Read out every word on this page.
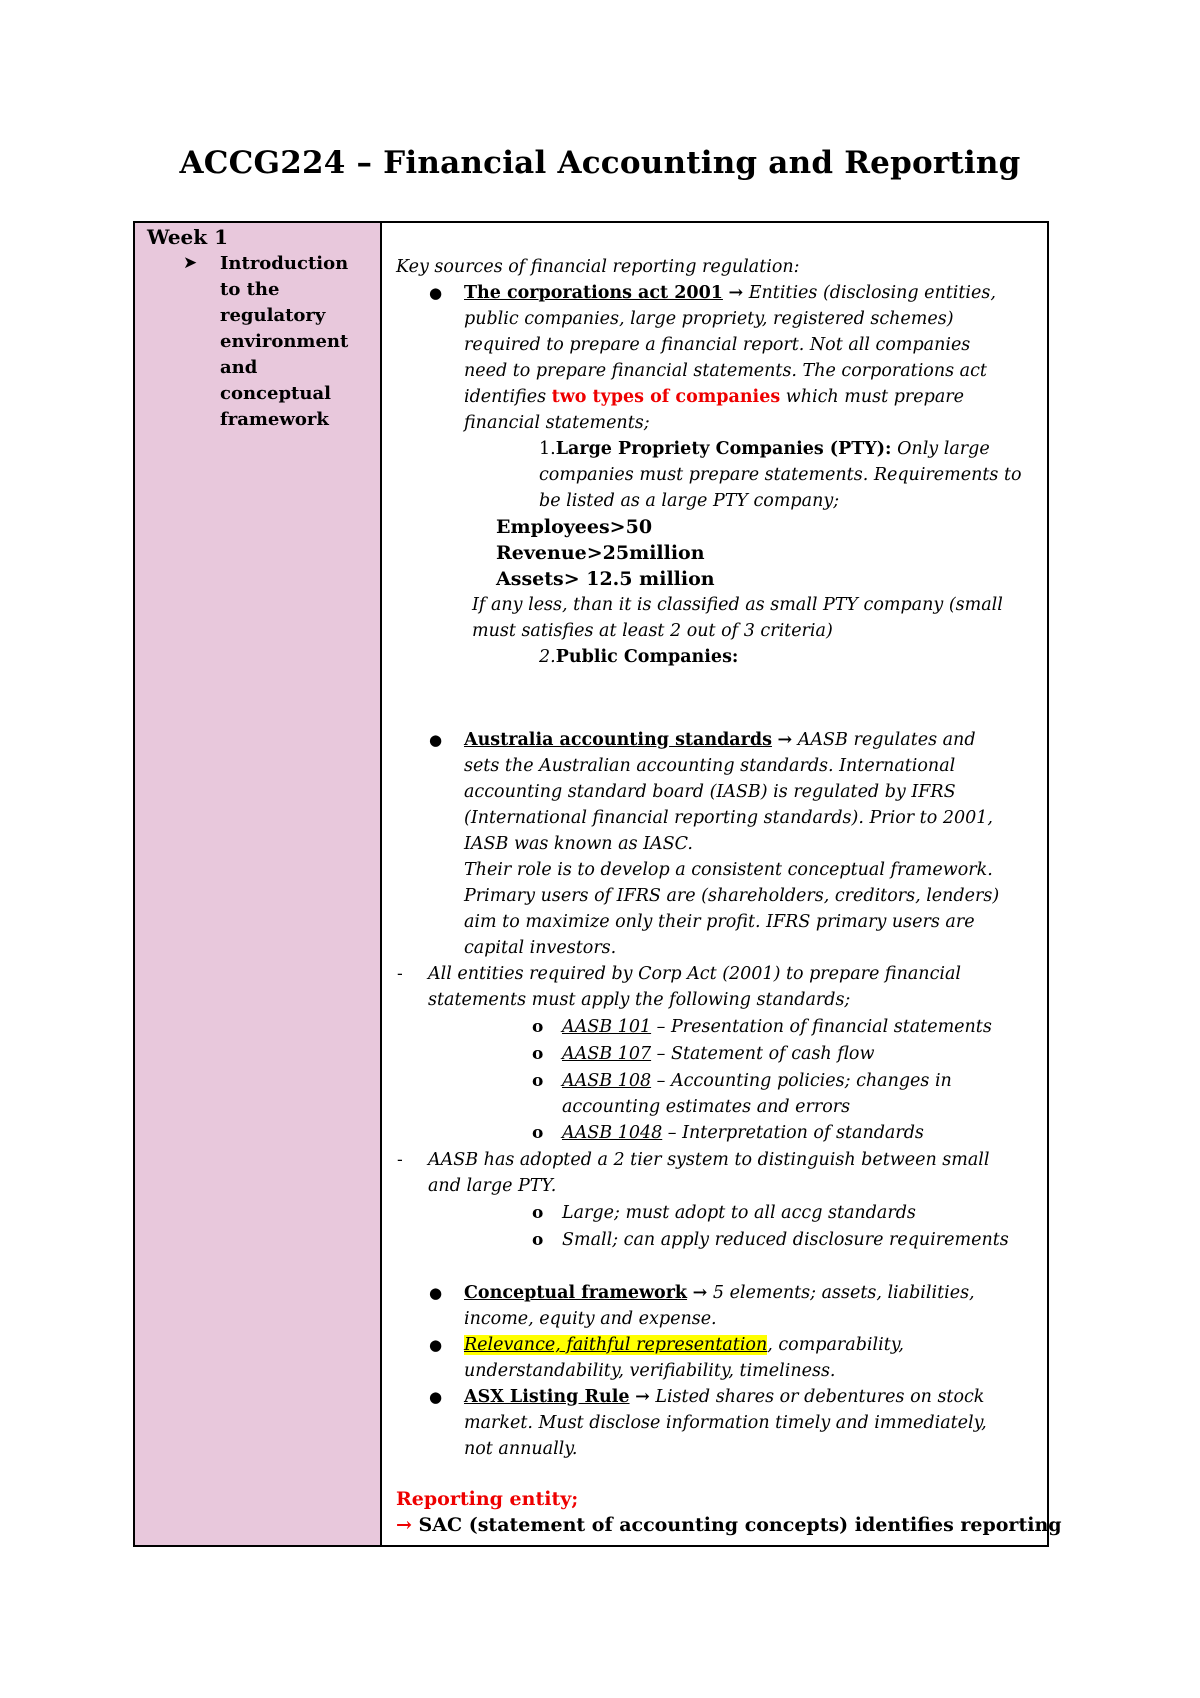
ACCG224 – Financial Accounting and Reporting
Week 1
➤ Introduction
to the
regulatory
environment
and
conceptual
framework
Key sources of financial reporting regulation:
● The corporations act 2001 → Entities (disclosing entities,
public companies, large propriety, registered schemes)
required to prepare a financial report. Not all companies
need to prepare financial statements. The corporations act
identifies two types of companies which must prepare
financial statements;
1.Large Propriety Companies (PTY): Only large
companies must prepare statements. Requirements to
be listed as a large PTY company;
Employees>50
Revenue>25million
Assets> 12.5 million
If any less, than it is classified as small PTY company (small
must satisfies at least 2 out of 3 criteria)
2.Public Companies:
● Australia accounting standards → AASB regulates and
sets the Australian accounting standards. International
accounting standard board (IASB) is regulated by IFRS
(International financial reporting standards). Prior to 2001,
IASB was known as IASC.
Their role is to develop a consistent conceptual framework.
Primary users of IFRS are (shareholders, creditors, lenders)
aim to maximize only their profit. IFRS primary users are
capital investors.
- All entities required by Corp Act (2001) to prepare financial
statements must apply the following standards;
o AASB 101 – Presentation of financial statements
o AASB 107 – Statement of cash flow
o AASB 108 – Accounting policies; changes in
accounting estimates and errors
o AASB 1048 – Interpretation of standards
- AASB has adopted a 2 tier system to distinguish between small
and large PTY.
o Large; must adopt to all accg standards
o Small; can apply reduced disclosure requirements
● Conceptual framework → 5 elements; assets, liabilities,
income, equity and expense.
● Relevance, faithful representation, comparability,
understandability, verifiability, timeliness.
● ASX Listing Rule → Listed shares or debentures on stock
market. Must disclose information timely and immediately,
not annually.
Reporting entity;
→ SAC (statement of accounting concepts) identifies reporting
